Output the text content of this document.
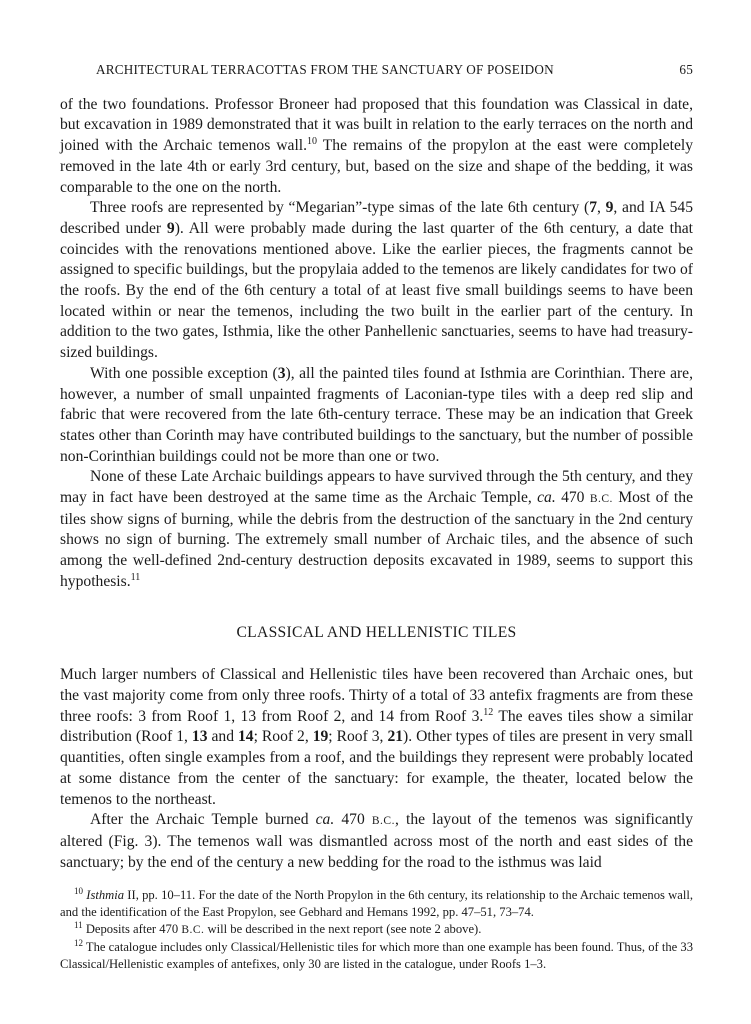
ARCHITECTURAL TERRACOTTAS FROM THE SANCTUARY OF POSEIDON	65

of the two foundations. Professor Broneer had proposed that this foundation was Classical in date, but excavation in 1989 demonstrated that it was built in relation to the early terraces on the north and joined with the Archaic temenos wall.$^{10}$ The remains of the propylon at the east were completely removed in the late 4th or early 3rd century, but, based on the size and shape of the bedding, it was comparable to the one on the north.

Three roofs are represented by “Megarian”-type simas of the late 6th century (7, 9, and IA 545 described under 9). All were probably made during the last quarter of the 6th century, a date that coincides with the renovations mentioned above. Like the earlier pieces, the fragments cannot be assigned to specific buildings, but the propylaia added to the temenos are likely candidates for two of the roofs. By the end of the 6th century a total of at least five small buildings seems to have been located within or near the temenos, including the two built in the earlier part of the century. In addition to the two gates, Isthmia, like the other Panhellenic sanctuaries, seems to have had treasury-sized buildings.

With one possible exception (3), all the painted tiles found at Isthmia are Corinthian. There are, however, a number of small unpainted fragments of Laconian-type tiles with a deep red slip and fabric that were recovered from the late 6th-century terrace. These may be an indication that Greek states other than Corinth may have contributed buildings to the sanctuary, but the number of possible non-Corinthian buildings could not be more than one or two.

None of these Late Archaic buildings appears to have survived through the 5th century, and they may in fact have been destroyed at the same time as the Archaic Temple, ca. 470 B.C. Most of the tiles show signs of burning, while the debris from the destruction of the sanctuary in the 2nd century shows no sign of burning. The extremely small number of Archaic tiles, and the absence of such among the well-defined 2nd-century destruction deposits excavated in 1989, seems to support this hypothesis.$^{11}$

CLASSICAL AND HELLENISTIC TILES

Much larger numbers of Classical and Hellenistic tiles have been recovered than Archaic ones, but the vast majority come from only three roofs. Thirty of a total of 33 antefix fragments are from these three roofs: 3 from Roof 1, 13 from Roof 2, and 14 from Roof 3.12 The eaves tiles show a similar distribution (Roof 1, 13 and 14; Roof 2, 19; Roof 3, 21). Other types of tiles are present in very small quantities, often single examples from a roof, and the buildings they represent were probably located at some distance from the center of the sanctuary: for example, the theater, located below the temenos to the northeast.

After the Archaic Temple burned ca. 470 B.C., the layout of the temenos was significantly altered (Fig. 3). The temenos wall was dismantled across most of the north and east sides of the sanctuary; by the end of the century a new bedding for the road to the isthmus was laid

$^{10}$ Isthmia II, pp. 10–11. For the date of the North Propylon in the 6th century, its relationship to the Archaic temenos wall, and the identification of the East Propylon, see Gebhard and Hemans 1992, pp. 47–51, 73–74.

$^{11}$ Deposits after 470 B.C. will be described in the next report (see note 2 above).

$^{12}$ The catalogue includes only Classical/Hellenistic tiles for which more than one example has been found. Thus, of the 33 Classical/Hellenistic examples of antefixes, only 30 are listed in the catalogue, under Roofs 1–3.
